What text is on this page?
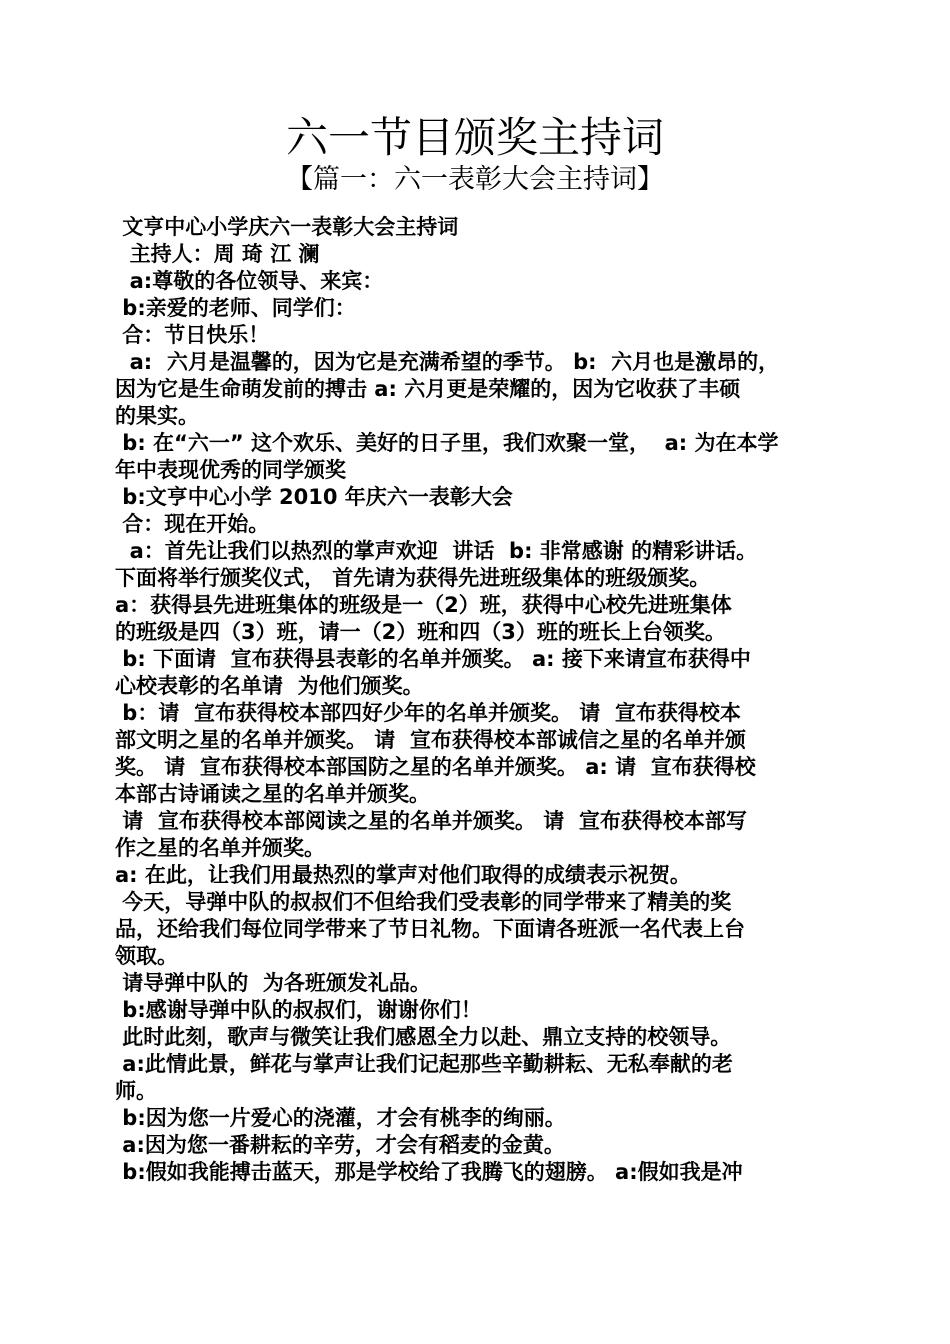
六一节目颁奖主持词
【篇一：六一表彰大会主持词】
文亨中心小学庆六一表彰大会主持词
主持人：周 琦 江 澜
a:尊敬的各位领导、来宾：
b:亲爱的老师、同学们：
合：节日快乐！
a:  六月是温馨的，因为它是充满希望的季节。 b:  六月也是激昂的，
因为它是生命萌发前的搏击 a: 六月更是荣耀的，因为它收获了丰硕
的果实。
b: 在“六一” 这个欢乐、美好的日子里，我们欢聚一堂，  a: 为在本学
年中表现优秀的同学颁奖
b:文亨中心小学 2010 年庆六一表彰大会
合：现在开始。
a：首先让我们以热烈的掌声欢迎  讲话  b: 非常感谢 的精彩讲话。
下面将举行颁奖仪式， 首先请为获得先进班级集体的班级颁奖。
a：获得县先进班集体的班级是一（2）班，获得中心校先进班集体
的班级是四（3）班，请一（2）班和四（3）班的班长上台领奖。
b: 下面请  宣布获得县表彰的名单并颁奖。 a: 接下来请宣布获得中
心校表彰的名单请  为他们颁奖。
b：请  宣布获得校本部四好少年的名单并颁奖。 请  宣布获得校本
部文明之星的名单并颁奖。 请  宣布获得校本部诚信之星的名单并颁
奖。 请  宣布获得校本部国防之星的名单并颁奖。 a: 请  宣布获得校
本部古诗诵读之星的名单并颁奖。
请  宣布获得校本部阅读之星的名单并颁奖。 请  宣布获得校本部写
作之星的名单并颁奖。
a: 在此，让我们用最热烈的掌声对他们取得的成绩表示祝贺。
今天，导弹中队的叔叔们不但给我们受表彰的同学带来了精美的奖
品，还给我们每位同学带来了节日礼物。下面请各班派一名代表上台
领取。
请导弹中队的  为各班颁发礼品。
b:感谢导弹中队的叔叔们，谢谢你们！
此时此刻，歌声与微笑让我们感恩全力以赴、鼎立支持的校领导。
a:此情此景，鲜花与掌声让我们记起那些辛勤耕耘、无私奉献的老
师。
b:因为您一片爱心的浇灌，才会有桃李的绚丽。
a:因为您一番耕耘的辛劳，才会有稻麦的金黄。
b:假如我能搏击蓝天，那是学校给了我腾飞的翅膀。 a:假如我是冲
